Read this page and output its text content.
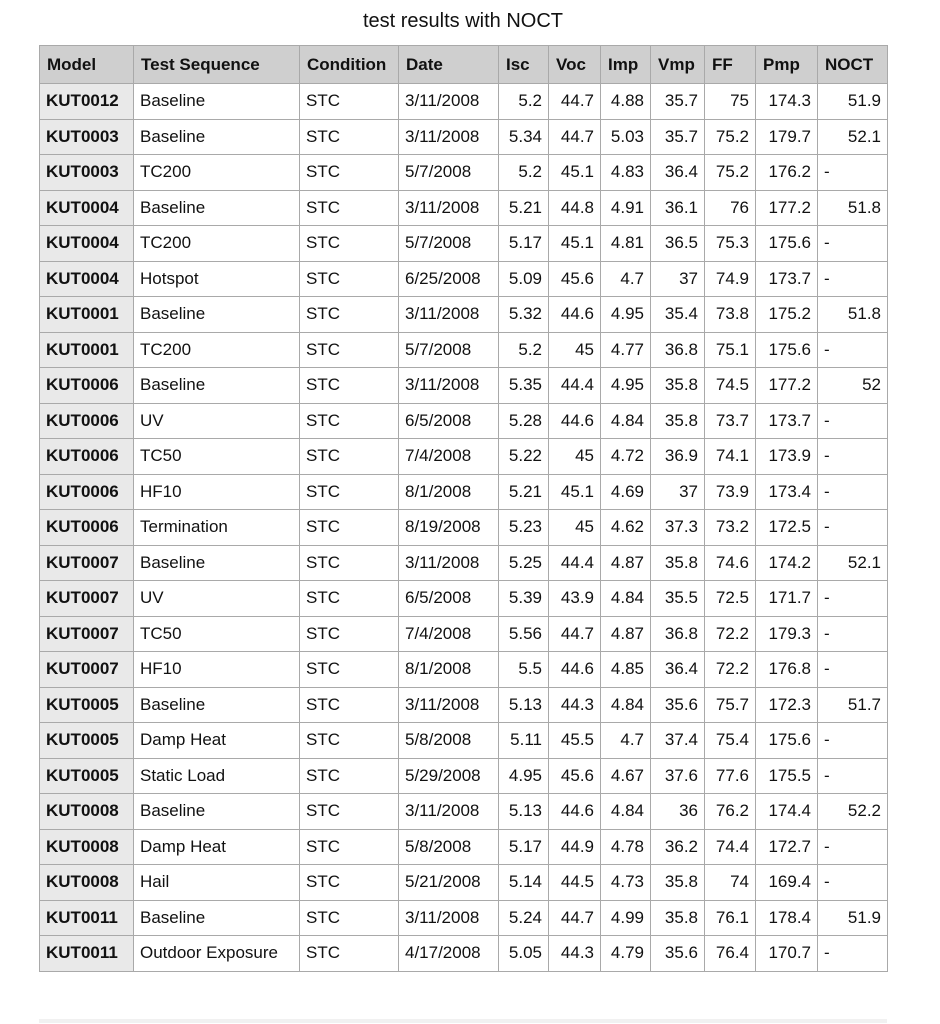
test results with NOCT
Model	Test Sequence	Condition	Date	Isc	Voc	Imp	Vmp	FF	Pmp	NOCT
KUT0012	Baseline	STC	3/11/2008	5.2	44.7	4.88	35.7	75	174.3	51.9
KUT0003	Baseline	STC	3/11/2008	5.34	44.7	5.03	35.7	75.2	179.7	52.1
KUT0003	TC200	STC	5/7/2008	5.2	45.1	4.83	36.4	75.2	176.2	-
KUT0004	Baseline	STC	3/11/2008	5.21	44.8	4.91	36.1	76	177.2	51.8
KUT0004	TC200	STC	5/7/2008	5.17	45.1	4.81	36.5	75.3	175.6	-
KUT0004	Hotspot	STC	6/25/2008	5.09	45.6	4.7	37	74.9	173.7	-
KUT0001	Baseline	STC	3/11/2008	5.32	44.6	4.95	35.4	73.8	175.2	51.8
KUT0001	TC200	STC	5/7/2008	5.2	45	4.77	36.8	75.1	175.6	-
KUT0006	Baseline	STC	3/11/2008	5.35	44.4	4.95	35.8	74.5	177.2	52
KUT0006	UV	STC	6/5/2008	5.28	44.6	4.84	35.8	73.7	173.7	-
KUT0006	TC50	STC	7/4/2008	5.22	45	4.72	36.9	74.1	173.9	-
KUT0006	HF10	STC	8/1/2008	5.21	45.1	4.69	37	73.9	173.4	-
KUT0006	Termination	STC	8/19/2008	5.23	45	4.62	37.3	73.2	172.5	-
KUT0007	Baseline	STC	3/11/2008	5.25	44.4	4.87	35.8	74.6	174.2	52.1
KUT0007	UV	STC	6/5/2008	5.39	43.9	4.84	35.5	72.5	171.7	-
KUT0007	TC50	STC	7/4/2008	5.56	44.7	4.87	36.8	72.2	179.3	-
KUT0007	HF10	STC	8/1/2008	5.5	44.6	4.85	36.4	72.2	176.8	-
KUT0005	Baseline	STC	3/11/2008	5.13	44.3	4.84	35.6	75.7	172.3	51.7
KUT0005	Damp Heat	STC	5/8/2008	5.11	45.5	4.7	37.4	75.4	175.6	-
KUT0005	Static Load	STC	5/29/2008	4.95	45.6	4.67	37.6	77.6	175.5	-
KUT0008	Baseline	STC	3/11/2008	5.13	44.6	4.84	36	76.2	174.4	52.2
KUT0008	Damp Heat	STC	5/8/2008	5.17	44.9	4.78	36.2	74.4	172.7	-
KUT0008	Hail	STC	5/21/2008	5.14	44.5	4.73	35.8	74	169.4	-
KUT0011	Baseline	STC	3/11/2008	5.24	44.7	4.99	35.8	76.1	178.4	51.9
KUT0011	Outdoor Exposure	STC	4/17/2008	5.05	44.3	4.79	35.6	76.4	170.7	-
